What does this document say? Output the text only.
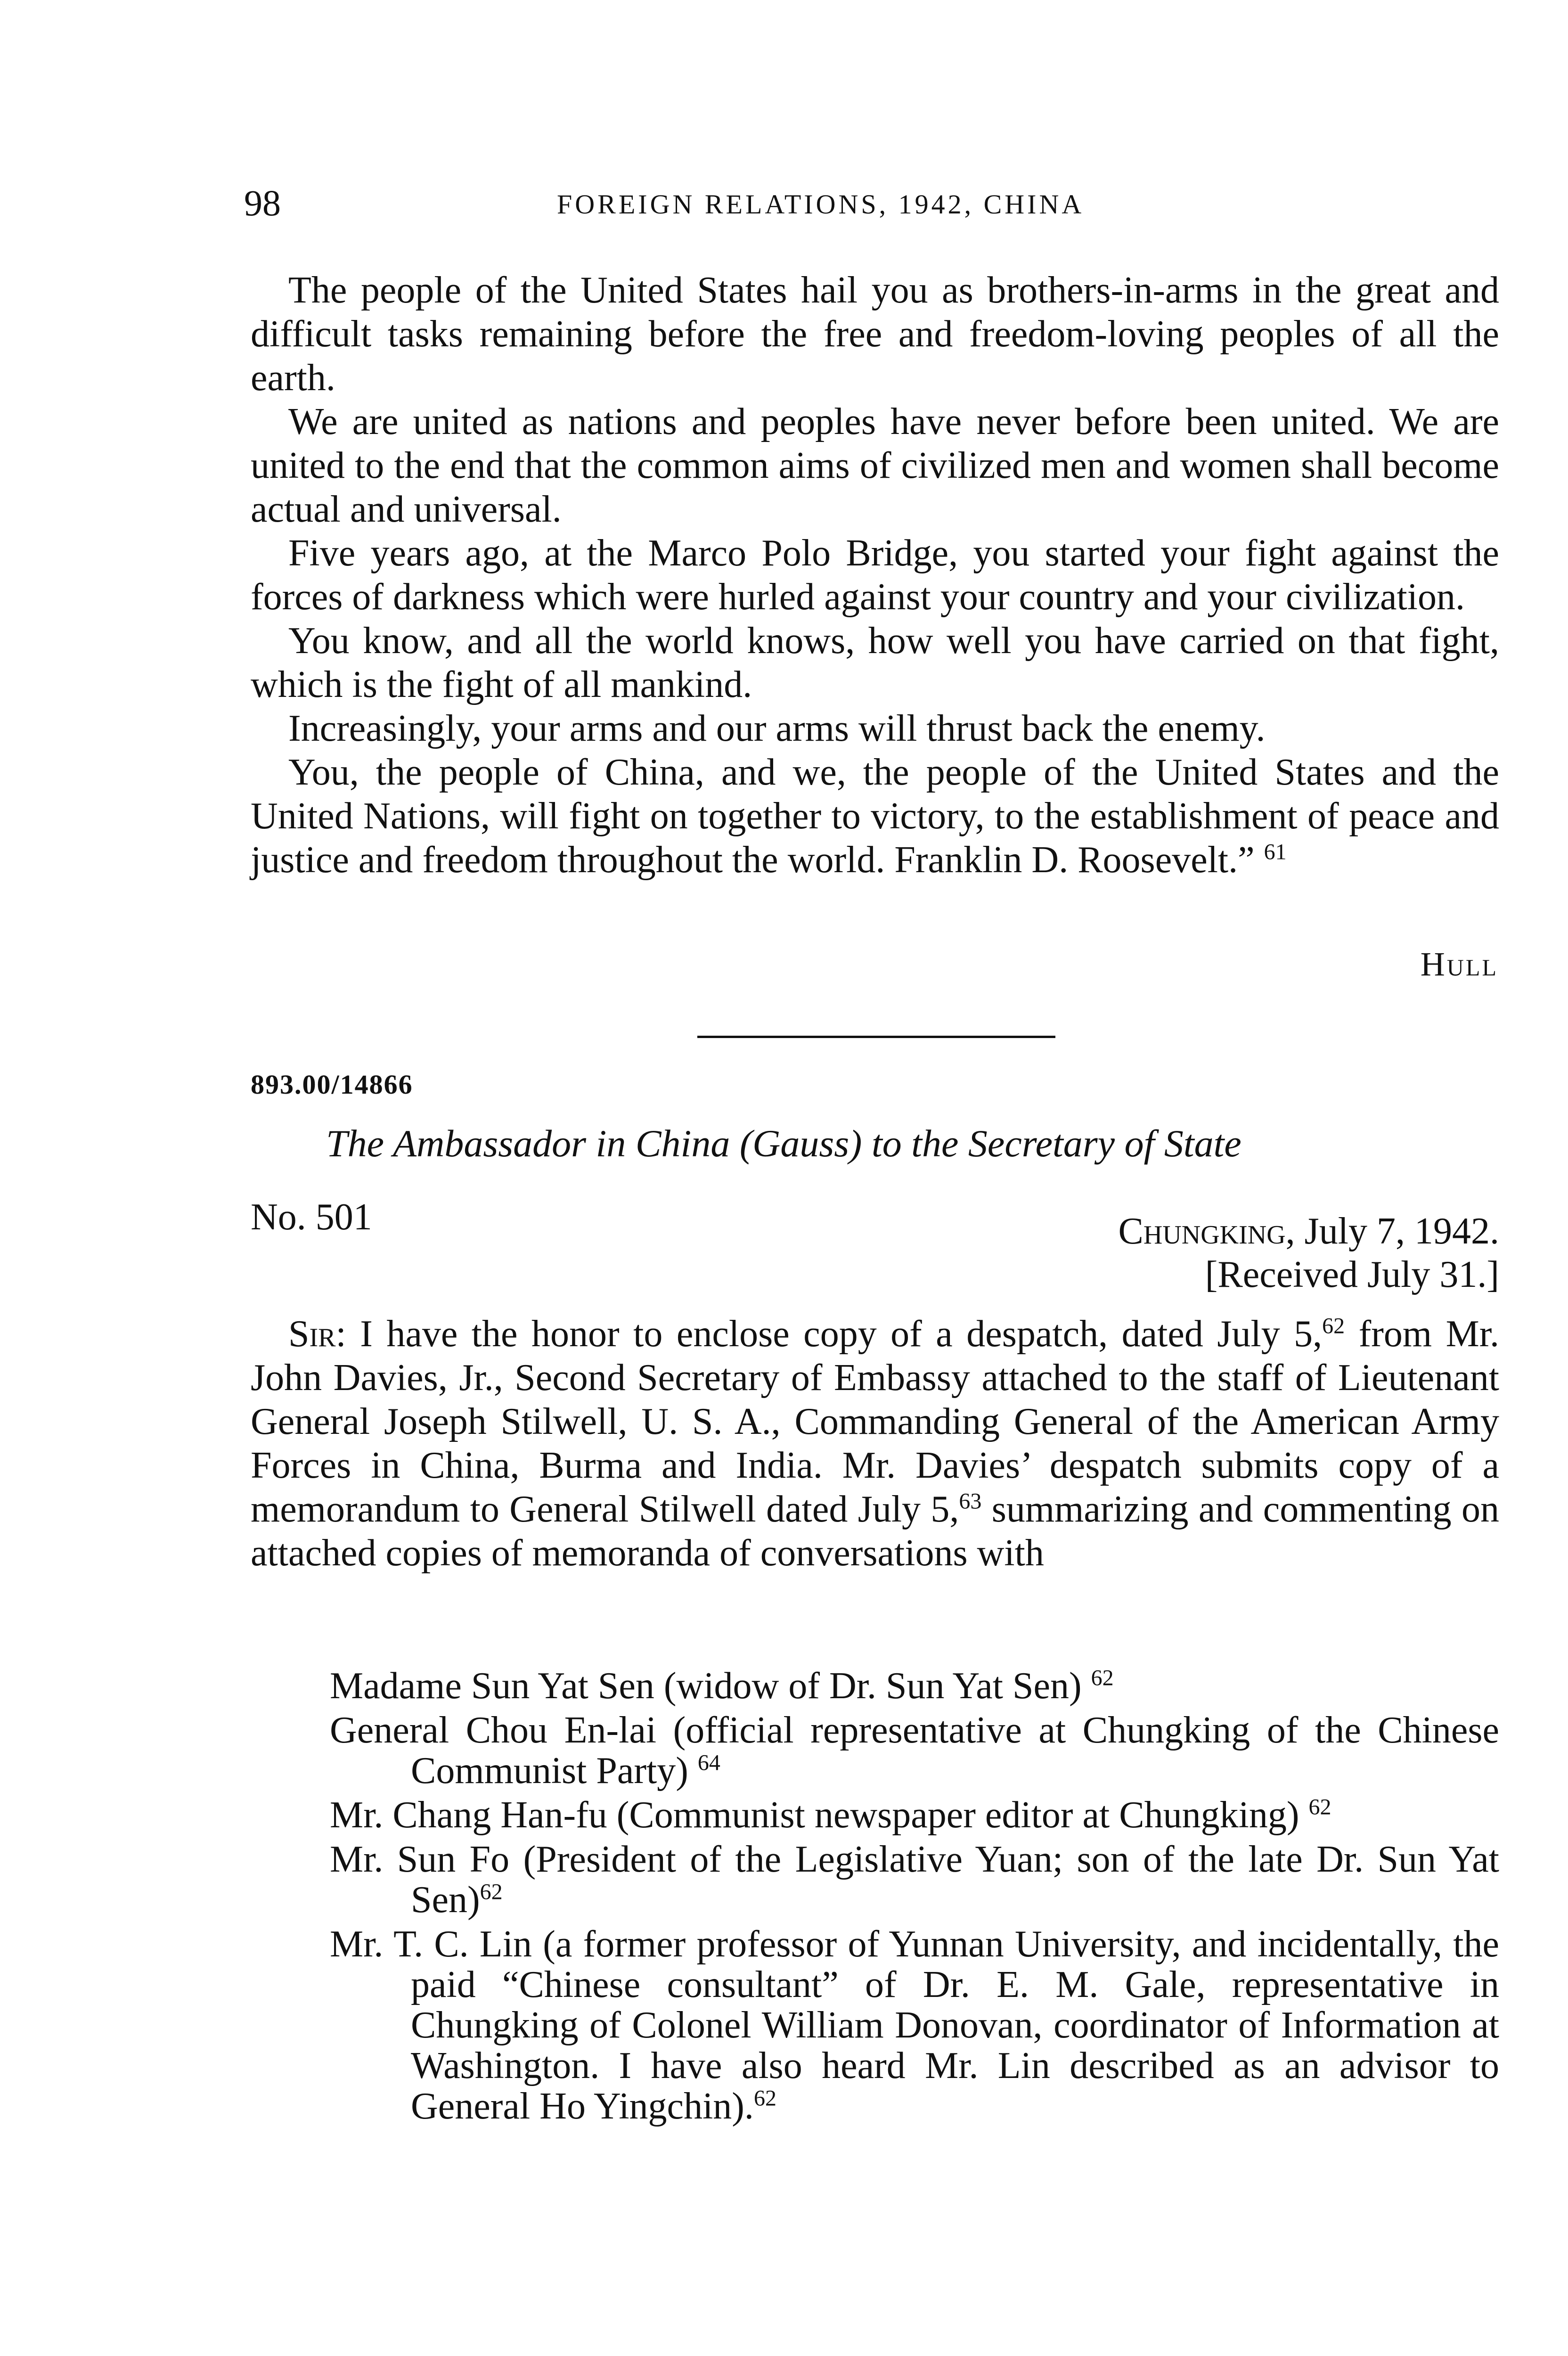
98	FOREIGN RELATIONS, 1942, CHINA

The people of the United States hail you as brothers-in-arms in the great and difficult tasks remaining before the free and freedom-loving peoples of all the earth.

We are united as nations and peoples have never before been united. We are united to the end that the common aims of civilized men and women shall become actual and universal.

Five years ago, at the Marco Polo Bridge, you started your fight against the forces of darkness which were hurled against your country and your civilization.

You know, and all the world knows, how well you have carried on that fight, which is the fight of all mankind.

Increasingly, your arms and our arms will thrust back the enemy.

You, the people of China, and we, the people of the United States and the United Nations, will fight on together to victory, to the establishment of peace and justice and freedom throughout the world. Franklin D. Roosevelt.” $^{61}$

Hull
893.00/14866
The Ambassador in China (Gauss) to the Secretary of State
No. 501	Chungking, July 7, 1942.
[Received July 31.]

Sir: I have the honor to enclose copy of a despatch, dated July 5,62 from Mr. John Davies, Jr., Second Secretary of Embassy attached to the staff of Lieutenant General Joseph Stilwell, U. S. A., Commanding General of the American Army Forces in China, Burma and India. Mr. Davies’ despatch submits copy of a memorandum to General Stilwell dated July 5,63 summarizing and commenting on attached copies of memoranda of conversations with

Madame Sun Yat Sen (widow of Dr. Sun Yat Sen) $^{62}$
General Chou En-lai (official representative at Chungking of the Chinese Communist Party) $^{64}$
Mr. Chang Han-fu (Communist newspaper editor at Chungking) $^{62}$
Mr. Sun Fo (President of the Legislative Yuan; son of the late Dr. Sun Yat Sen)$^{62}$
Mr. T. C. Lin (a former professor of Yunnan University, and incidentally, the paid “Chinese consultant” of Dr. E. M. Gale, representative in Chungking of Colonel William Donovan, coordinator of Information at Washington. I have also heard Mr. Lin described as an advisor to General Ho Yingchin).$^{62}$
